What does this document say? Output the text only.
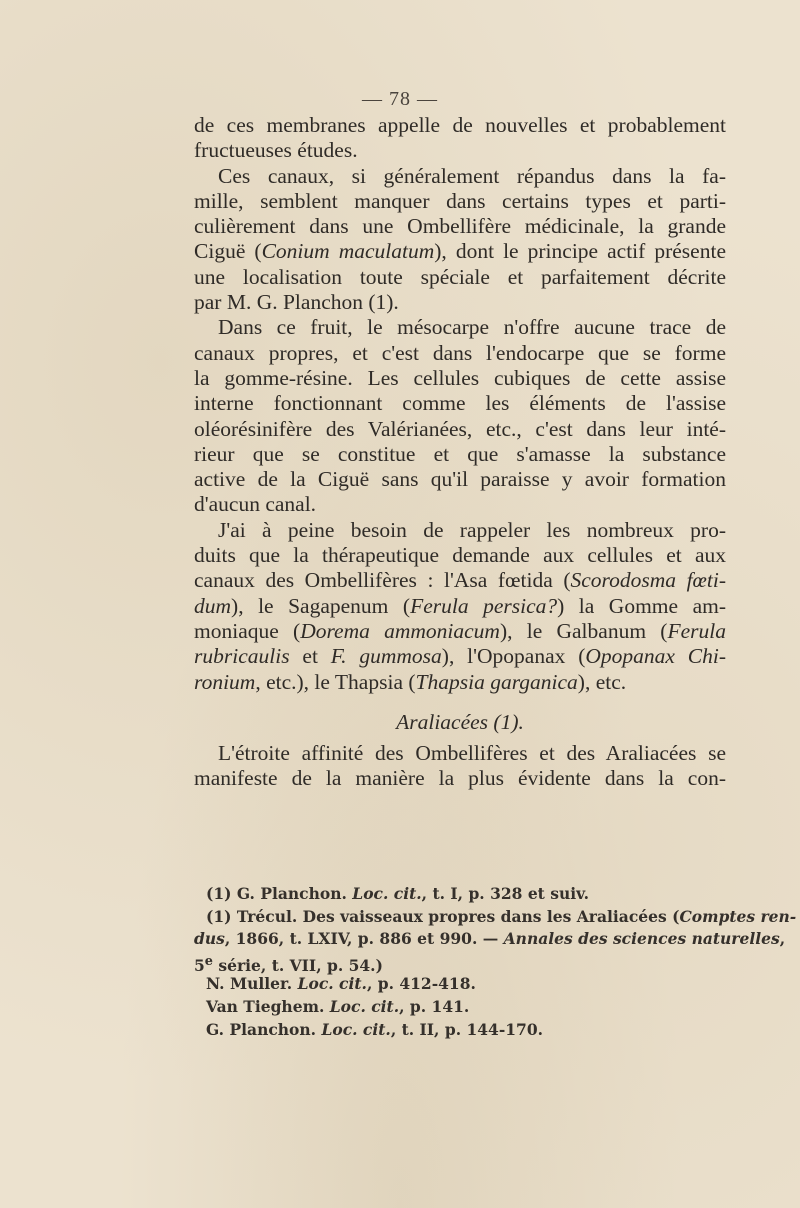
— 78 —
de ces membranes appelle de nouvelles et probablement
fructueuses études.
Ces canaux, si généralement répandus dans la fa-
mille, semblent manquer dans certains types et parti-
culièrement dans une Ombellifère médicinale, la grande
Ciguë (Conium maculatum), dont le principe actif présente
une localisation toute spéciale et parfaitement décrite
par M. G. Planchon (1).
Dans ce fruit, le mésocarpe n'offre aucune trace de
canaux propres, et c'est dans l'endocarpe que se forme
la gomme-résine. Les cellules cubiques de cette assise
interne fonctionnant comme les éléments de l'assise
oléorésinifère des Valérianées, etc., c'est dans leur inté-
rieur que se constitue et que s'amasse la substance
active de la Ciguë sans qu'il paraisse y avoir formation
d'aucun canal.
J'ai à peine besoin de rappeler les nombreux pro-
duits que la thérapeutique demande aux cellules et aux
canaux des Ombellifères : l'Asa fœtida (Scorodosma fœti-
dum), le Sagapenum (Ferula persica?) la Gomme am-
moniaque (Dorema ammoniacum), le Galbanum (Ferula
rubricaulis et F. gummosa), l'Opopanax (Opopanax Chi-
ronium, etc.), le Thapsia (Thapsia garganica), etc.
Araliacées (1).
L'étroite affinité des Ombellifères et des Araliacées se
manifeste de la manière la plus évidente dans la con-
(1) G. Planchon. Loc. cit., t. I, p. 328 et suiv.
(1) Trécul. Des vaisseaux propres dans les Araliacées (Comptes ren-
dus, 1866, t. LXIV, p. 886 et 990. — Annales des sciences naturelles,
5e série, t. VII, p. 54.)
N. Muller. Loc. cit., p. 412-418.
Van Tieghem. Loc. cit., p. 141.
G. Planchon. Loc. cit., t. II, p. 144-170.
